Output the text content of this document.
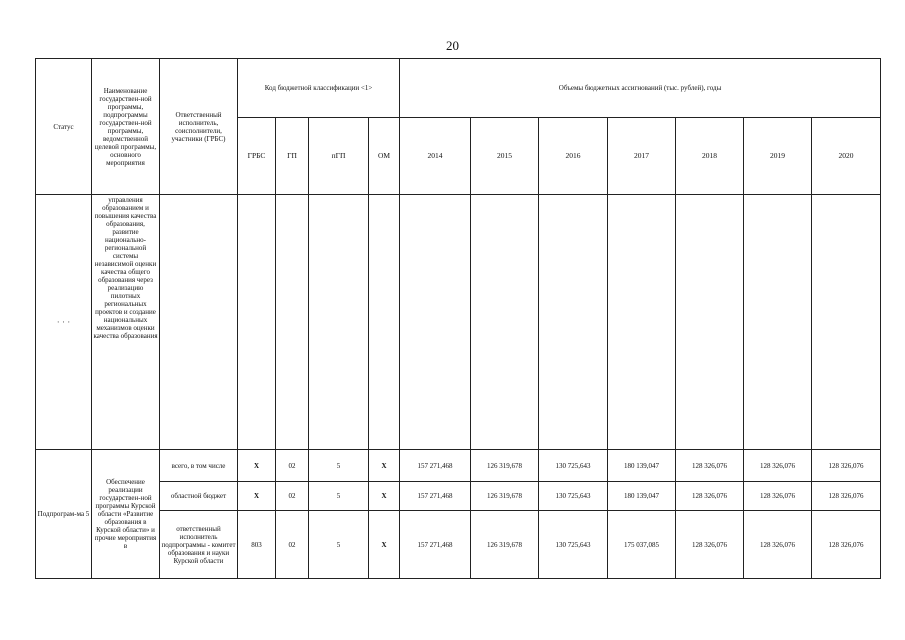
20
Статус	Наименование государствен-ной программы, подпрограммы государствен-ной программы, ведомственной целевой программы, основного мероприятия	Ответственный исполнитель, соисполнители, участники (ГРБС)	Код бюджетной классификации <1>				Объемы бюджетных ассигнований (тыс. рублей), годы						
			ГРБС	ГП	пГП	ОМ	2014	2015	2016	2017	2018	2019	2020
· · ·	управления образованием и повышения качества образования, развитие национально-региональной системы независимой оценки качества общего образования через реализацию пилотных региональных проектов и создание национальных механизмов оценки качества образования												
Подпрограм-ма 5	Обеспечение реализации государствен-ной программы Курской области «Развитие образования в Курской области» и прочие мероприятия в	всего, в том числе	X	02	5	X	157 271,468	126 319,678	130 725,643	180 139,047	128 326,076	128 326,076	128 326,076
		областной бюджет	X	02	5	X	157 271,468	126 319,678	130 725,643	180 139,047	128 326,076	128 326,076	128 326,076
		ответственный исполнитель подпрограммы - комитет образования и науки Курской области	803	02	5	X	157 271,468	126 319,678	130 725,643	175 037,085	128 326,076	128 326,076	128 326,076
